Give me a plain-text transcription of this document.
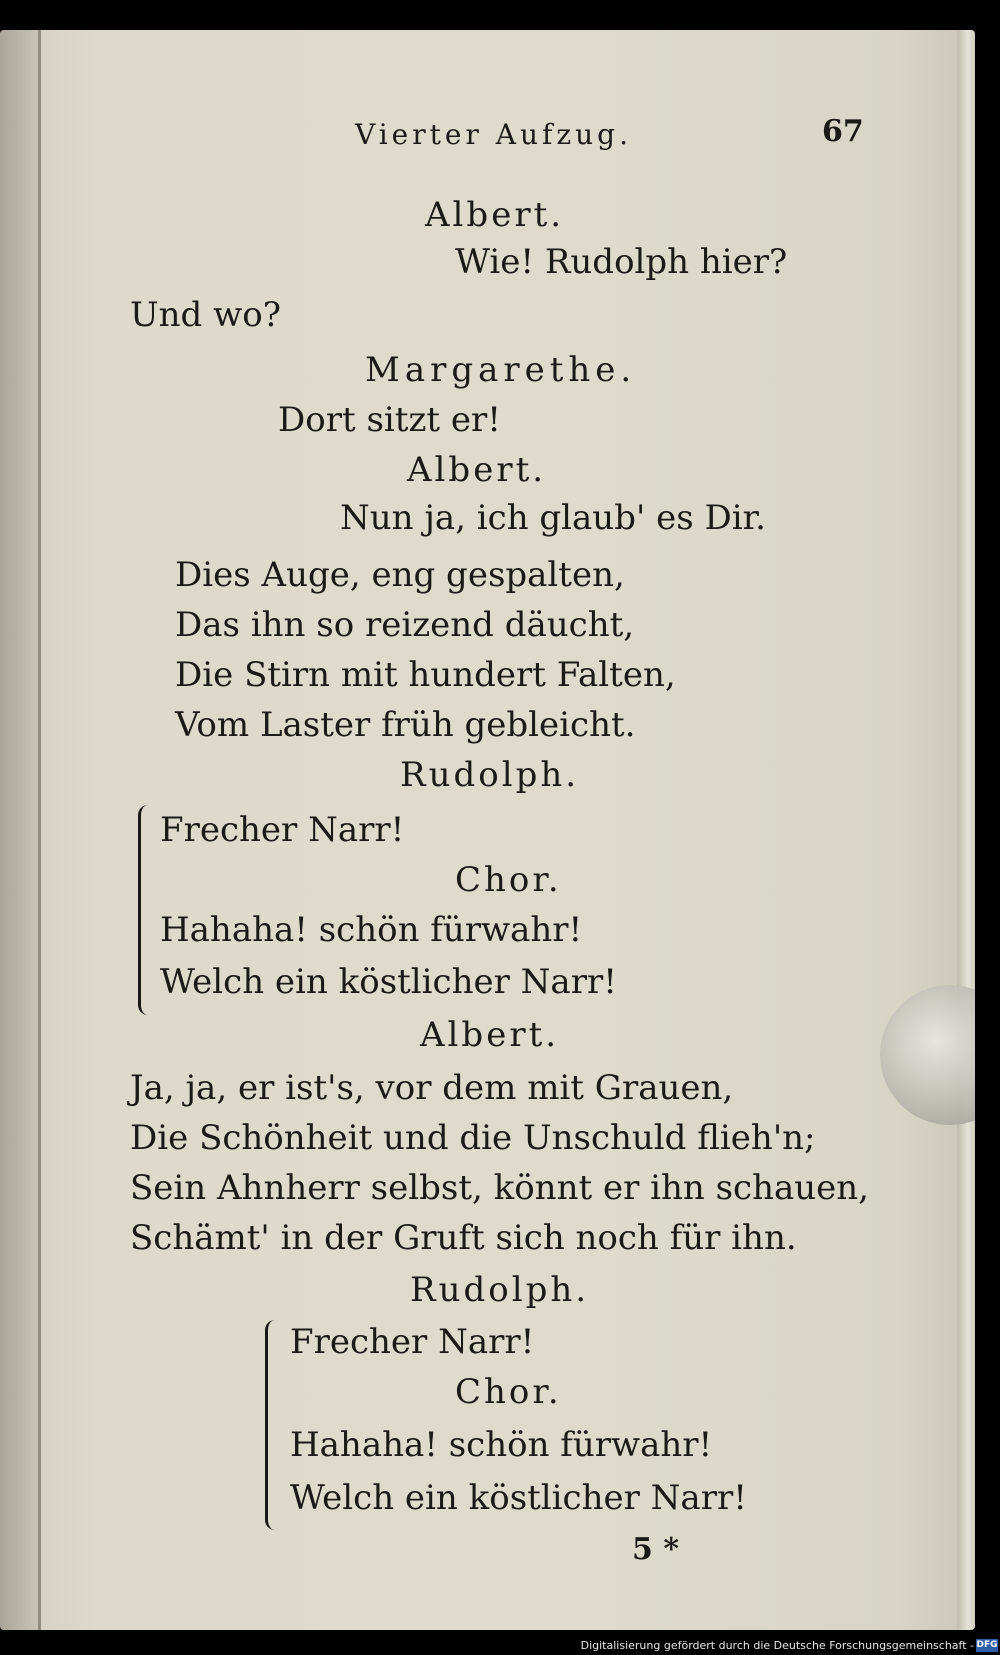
Vierter Aufzug.	67
Albert.
Wie! Rudolph hier?
Und wo?
Margarethe.
Dort sitzt er!
Albert.
Nun ja, ich glaub' es Dir.
Dies Auge, eng gespalten,
Das ihn so reizend däucht,
Die Stirn mit hundert Falten,
Vom Laster früh gebleicht.
Rudolph.
Frecher Narr!
Chor.
Hahaha! schön fürwahr!
Welch ein köstlicher Narr!
Albert.
Ja, ja, er ist's, vor dem mit Grauen,
Die Schönheit und die Unschuld flieh'n;
Sein Ahnherr selbst, könnt er ihn schauen,
Schämt' in der Gruft sich noch für ihn.
Rudolph.
Frecher Narr!
Chor.
Hahaha! schön fürwahr!
Welch ein köstlicher Narr!
5 *
Digitalisierung gefördert durch die Deutsche Forschungsgemeinschaft - DFG
